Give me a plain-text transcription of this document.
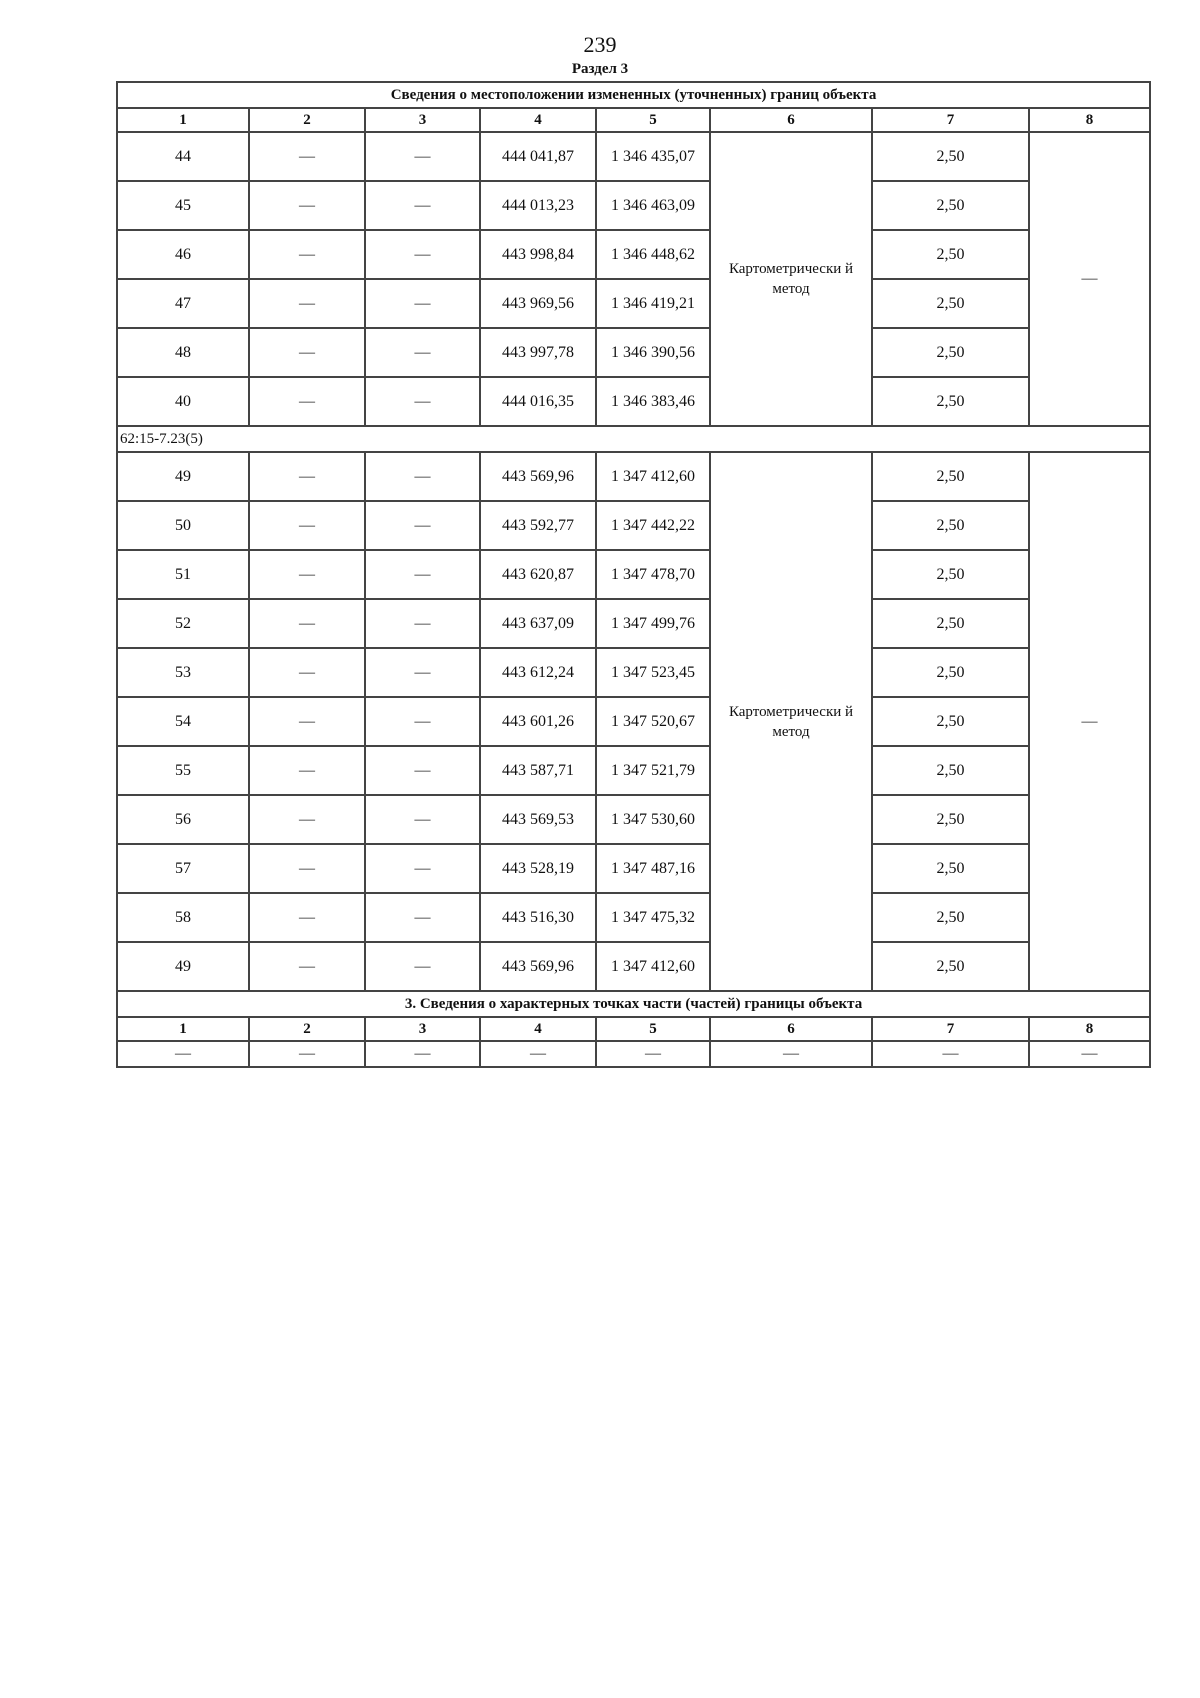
239
Раздел 3
Сведения о местоположении измененных (уточненных) границ объекта							
1	2	3	4	5	6	7	8
44	—	—	444 041,87	1 346 435,07	Картометрически й метод	2,50	—
45	—	—	444 013,23	1 346 463,09		2,50	
46	—	—	443 998,84	1 346 448,62		2,50	
47	—	—	443 969,56	1 346 419,21		2,50	
48	—	—	443 997,78	1 346 390,56		2,50	
40	—	—	444 016,35	1 346 383,46		2,50	
62:15-7.23(5)							
49	—	—	443 569,96	1 347 412,60	Картометрически й метод	2,50	—
50	—	—	443 592,77	1 347 442,22		2,50	
51	—	—	443 620,87	1 347 478,70		2,50	
52	—	—	443 637,09	1 347 499,76		2,50	
53	—	—	443 612,24	1 347 523,45		2,50	
54	—	—	443 601,26	1 347 520,67		2,50	
55	—	—	443 587,71	1 347 521,79		2,50	
56	—	—	443 569,53	1 347 530,60		2,50	
57	—	—	443 528,19	1 347 487,16		2,50	
58	—	—	443 516,30	1 347 475,32		2,50	
49	—	—	443 569,96	1 347 412,60		2,50	
3. Сведения о характерных точках части (частей) границы объекта							
1	2	3	4	5	6	7	8
—	—	—	—	—	—	—	—
